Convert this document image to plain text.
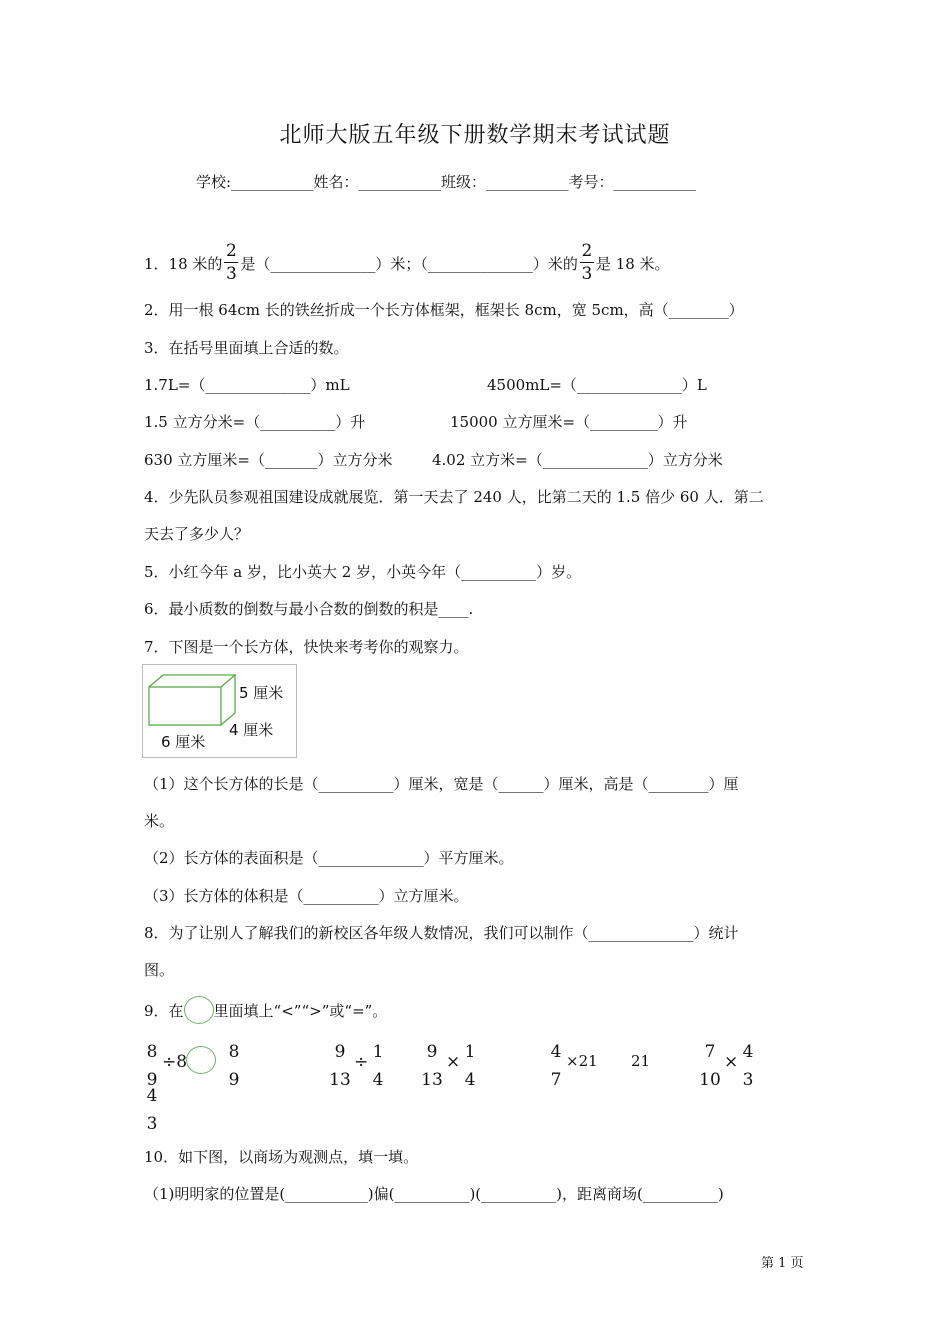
北师大版五年级下册数学期末考试试题
学校:___________姓名：___________班级：___________考号：___________
1．18 米的 $\frac{2}{3}$ 是（______________）米；（______________）米的 $\frac{2}{3}$ 是 18 米。
2．用一根 64cm 长的铁丝折成一个长方体框架，框架长 8cm，宽 5cm，高（________）
3．在括号里面填上合适的数。
1.7L=（______________）mL	4500mL=（______________）L
1.5 立方分米=（__________）升	15000 立方厘米=（_________）升
630 立方厘米=（_______）立方分米	4.02 立方米=（______________）立方分米
4．少先队员参观祖国建设成就展览．第一天去了 240 人，比第二天的 1.5 倍少 60 人．第二
天去了多少人？
5．小红今年 a 岁，比小英大 2 岁，小英今年（__________）岁。
6．最小质数的倒数与最小合数的倒数的积是____.
7．下图是一个长方体，快快来考考你的观察力。
5 厘米
4 厘米
6 厘米
（1）这个长方体的长是（__________）厘米，宽是（______）厘米，高是（________）厘
米。
（2）长方体的表面积是（______________）平方厘米。
（3）长方体的体积是（__________）立方厘米。
8．为了让别人了解我们的新校区各年级人数情况，我们可以制作（______________）统计
图。
9．在 里面填上“<”“>”或“=”。
8
9
÷8 8
9
4
3
9
13
÷ 1
4
9
13
× 1
4
4
7
×21 21	7
10
× 4
3
10．如下图，以商场为观测点，填一填。
（1)明明家的位置是(___________)偏(__________)(__________)，距离商场(__________)
第 1 页
